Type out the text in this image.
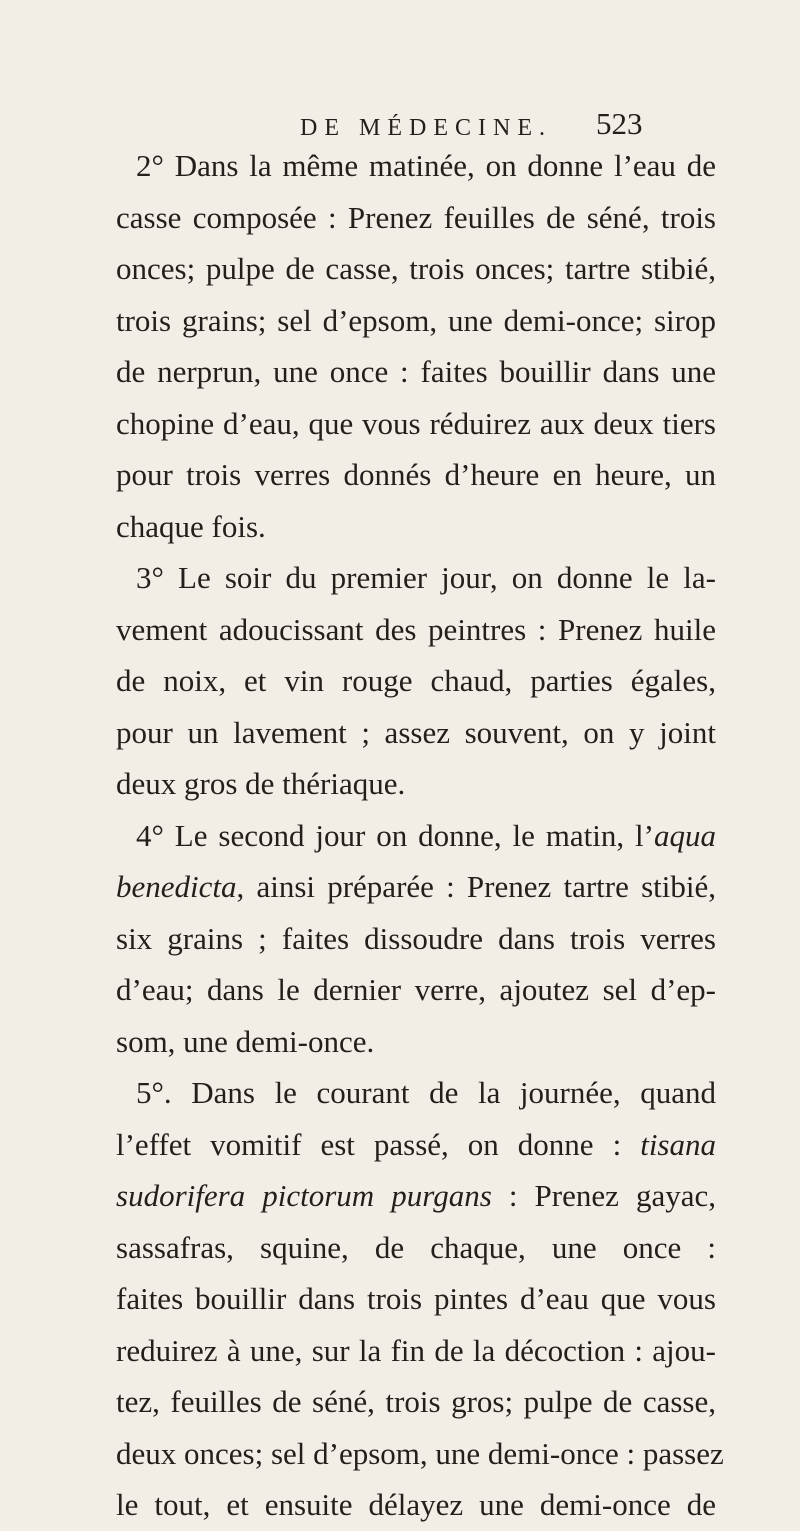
DE MÉDECINE. 523
2° Dans la même matinée, on donne l’eau de
casse composée : Prenez feuilles de séné, trois
onces; pulpe de casse, trois onces; tartre stibié,
trois grains; sel d’epsom, une demi-once; sirop
de nerprun, une once : faites bouillir dans une
chopine d’eau, que vous réduirez aux deux tiers
pour trois verres donnés d’heure en heure, un
chaque fois.
3° Le soir du premier jour, on donne le la-
vement adoucissant des peintres : Prenez huile
de noix, et vin rouge chaud, parties égales,
pour un lavement ; assez souvent, on y joint
deux gros de thériaque.
4° Le second jour on donne, le matin, l’aqua
benedicta, ainsi préparée : Prenez tartre stibié,
six grains ; faites dissoudre dans trois verres
d’eau; dans le dernier verre, ajoutez sel d’ep-
som, une demi-once.
5°. Dans le courant de la journée, quand
l’effet vomitif est passé, on donne : tisana
sudorifera pictorum purgans : Prenez gayac,
sassafras, squine, de chaque, une once :
faites bouillir dans trois pintes d’eau que vous
reduirez à une, sur la fin de la décoction : ajou-
tez, feuilles de séné, trois gros; pulpe de casse,
deux onces; sel d’epsom, une demi-once : passez
le tout, et ensuite délayez une demi-once de
